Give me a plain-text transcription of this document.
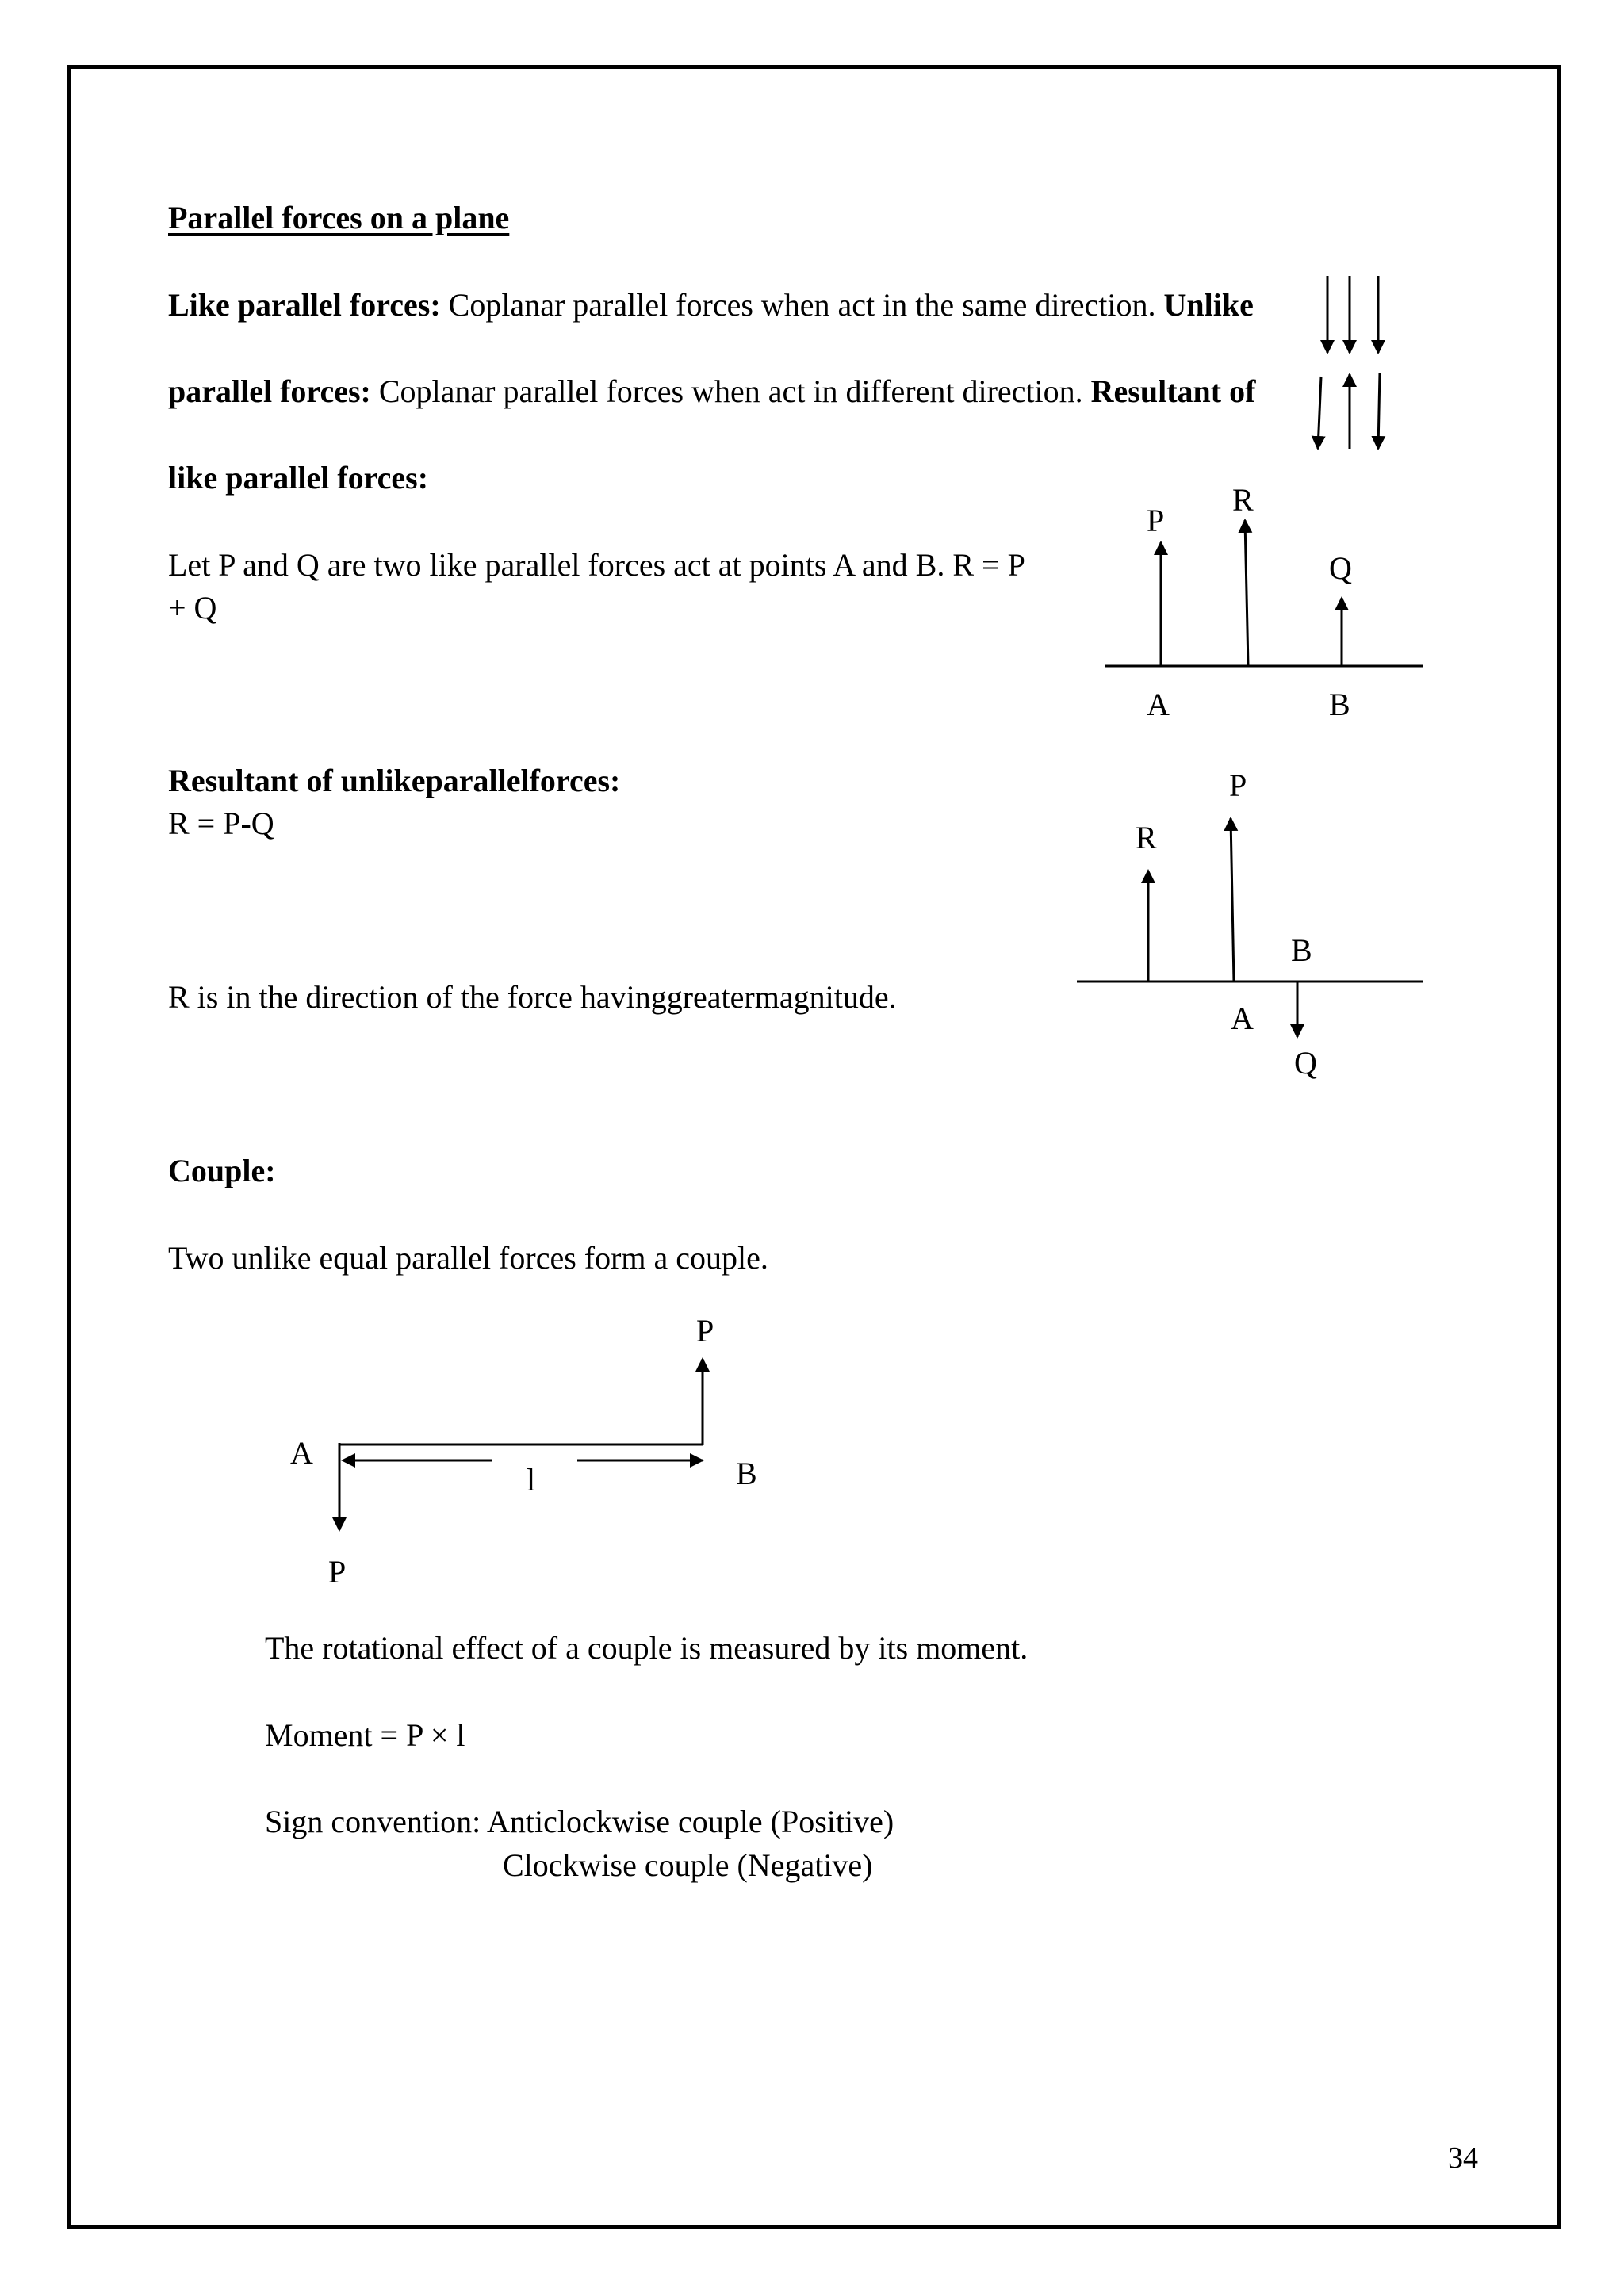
Parallel forces on a plane
Like parallel forces: Coplanar parallel forces when act in the same direction. Unlike
parallel forces: Coplanar parallel forces when act in different direction. Resultant of
like parallel forces:
Let P and Q are two like parallel forces act at points A and B. R = P
+ Q
Resultant of unlikeparallelforces:
R = P-Q
R is in the direction of the force havinggreatermagnitude.
Couple:
Two unlike equal parallel forces form a couple.
The rotational effect of a couple is measured by its moment.
Moment = P × l
Sign convention: Anticlockwise couple (Positive)
Clockwise couple (Negative)
P
R
Q
A	B
P
R
B
A
Q
P
A
l	B
P
34
